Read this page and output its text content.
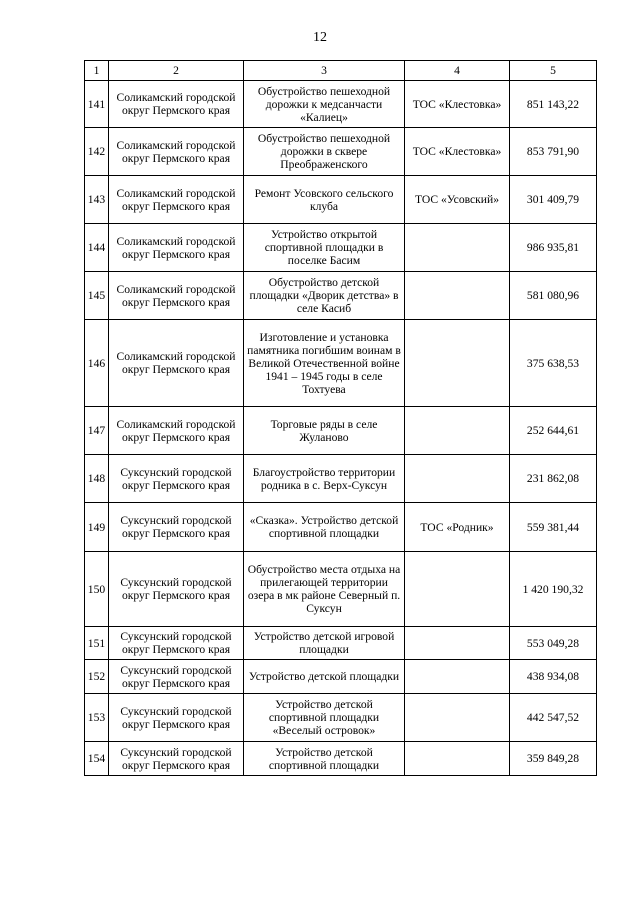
12
1	2	3	4	5
141	Соликамский городской округ Пермского края	Обустройство пешеходной дорожки к медсанчасти «Калиец»	ТОС «Клестовка»	851 143,22
142	Соликамский городской округ Пермского края	Обустройство пешеходной дорожки в сквере Преображенского	ТОС «Клестовка»	853 791,90
143	Соликамский городской округ Пермского края	Ремонт Усовского сельского клуба	ТОС «Усовский»	301 409,79
144	Соликамский городской округ Пермского края	Устройство открытой спортивной площадки в поселке Басим		986 935,81
145	Соликамский городской округ Пермского края	Обустройство детской площадки «Дворик детства» в селе Касиб		581 080,96
146	Соликамский городской округ Пермского края	Изготовление и установка памятника погибшим воинам в Великой Отечественной войне 1941 – 1945 годы в селе Тохтуева		375 638,53
147	Соликамский городской округ Пермского края	Торговые ряды в селе Жуланово		252 644,61
148	Суксунский городской округ Пермского края	Благоустройство территории родника в с. Верх-Суксун		231 862,08
149	Суксунский городской округ Пермского края	«Сказка». Устройство детской спортивной площадки	ТОС «Родник»	559 381,44
150	Суксунский городской округ Пермского края	Обустройство места отдыха на прилегающей территории озера в мк районе Северный п. Суксун		1 420 190,32
151	Суксунский городской округ Пермского края	Устройство детской игровой площадки		553 049,28
152	Суксунский городской округ Пермского края	Устройство детской площадки		438 934,08
153	Суксунский городской округ Пермского края	Устройство детской спортивной площадки «Веселый островок»		442 547,52
154	Суксунский городской округ Пермского края	Устройство детской спортивной площадки		359 849,28
